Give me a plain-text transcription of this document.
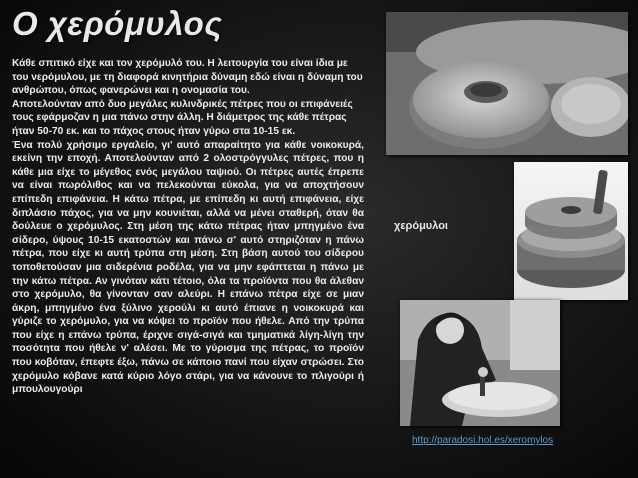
Ο χερόμυλος

Κάθε σπιτικό είχε και τον χερόμυλό του. Η λειτουργία του είναι ίδια με του νερόμυλου, με τη διαφορά κινητήρια δύναμη εδώ είναι η δύναμη του ανθρώπου, όπως φανερώνει και η ονομασία του.

Αποτελούνταν από δυο μεγάλες κυλινδρικές πέτρες που οι επιφάνειές τους εφάρμοζαν η μια πάνω στην άλλη. Η διάμετρος της κάθε πέτρας ήταν 50-70 εκ. και το πάχος στους ήταν γύρω στα 10-15 εκ.

Ένα πολύ χρήσιμο εργαλείο, γι' αυτό απαραίτητο για κάθε νοικοκυρά, εκείνη την εποχή. Αποτελούνταν από 2 ολοστρόγγυλες πέτρες, που η κάθε μια είχε το μέγεθος ενός μεγάλου ταψιού. Οι πέτρες αυτές έπρεπε να είναι πωρόλιθος και να πελεκούνται εύκολα, για να αποχτήσουν επίπεδη επιφάνεια. Η κάτω πέτρα, με επίπεδη κι αυτή επιφάνεια, είχε διπλάσιο πάχος, για να μην κουνιέται, αλλά να μένει σταθερή, όταν θα δούλευε ο χερόμυλος. Στη μέση της κάτω πέτρας ήταν μπηγμένο ένα σίδερο, ύψους 10-15 εκατοστών και πάνω σ' αυτό στηριζόταν η πάνω πέτρα, που είχε κι αυτή τρύπα στη μέση. Στη βάση αυτού του σίδερου τοποθετούσαν μια σιδερένια ροδέλα, για να μην εφάπτεται η πάνω με την κάτω πέτρα. Αν γινόταν κάτι τέτοιο, όλα τα προϊόντα που θα άλεθαν στο χερόμυλο, θα γίνονταν σαν αλεύρι. Η επάνω πέτρα είχε σε μιαν άκρη, μπηγμένο ένα ξύλινο χερούλι κι αυτό έπιανε η νοικοκυρά και γύριζε το χερόμυλο, για να κόψει το προϊόν που ήθελε. Από την τρύπα που είχε η επάνω τρύπα, έριχνε σιγά-σιγά και τμηματικά λίγη-λίγη την ποσότητα που ήθελε ν' αλέσει. Με το γύρισμα της πέτρας, το προϊόν που κοβόταν, έπεφτε έξω, πάνω σε κάποιο πανί που είχαν στρώσει. Στο χερόμυλο κόβανε κατά κύριο λόγο στάρι, για να κάνουνε το πλιγούρι ή μπουλουγούρι

χερόμυλοι
http://paradosi.hol.es/xeromylos
